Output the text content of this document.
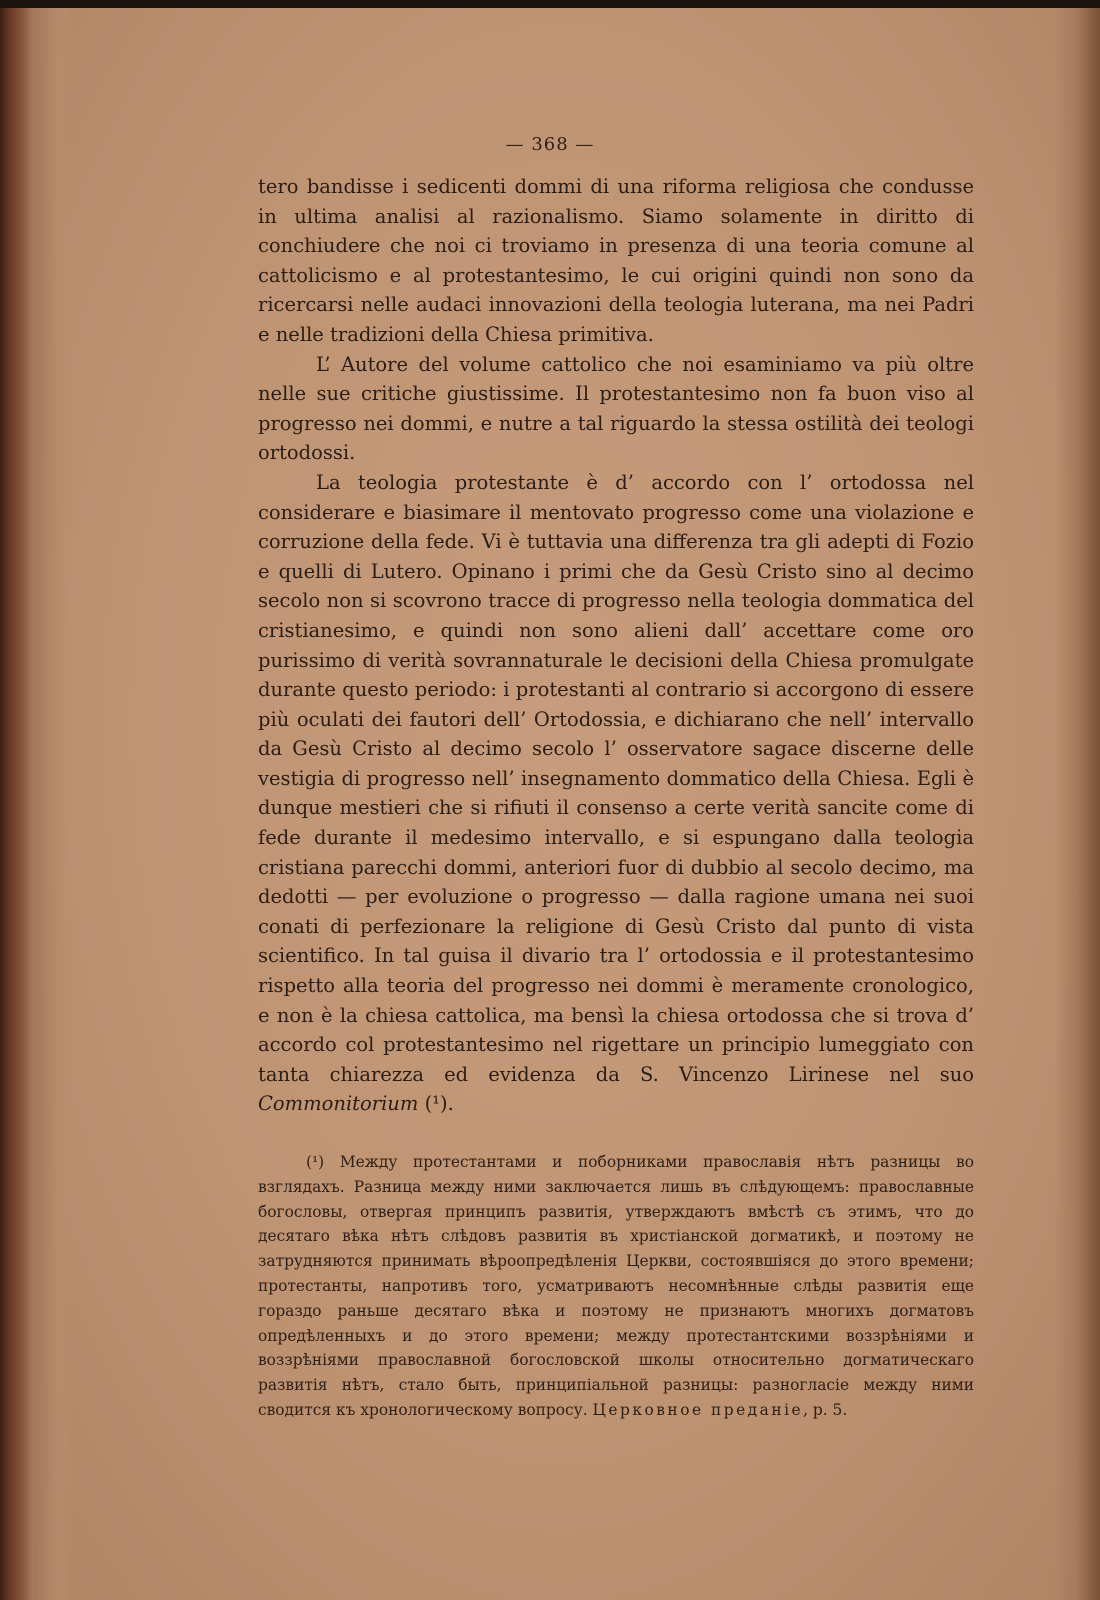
— 368 —

tero bandisse i sedicenti dommi di una riforma religiosa che condusse in ultima analisi al razionalismo. Siamo solamente in diritto di conchiudere che noi ci troviamo in presenza di una teoria comune al cattolicismo e al protestantesimo, le cui origini quindi non sono da ricercarsi nelle audaci innovazioni della teologia luterana, ma nei Padri e nelle tradizioni della Chiesa primitiva.

L’ Autore del volume cattolico che noi esaminiamo va più oltre nelle sue critiche giustissime. Il protestantesimo non fa buon viso al progresso nei dommi, e nutre a tal riguardo la stessa ostilità dei teologi ortodossi.

La teologia protestante è d’ accordo con l’ ortodossa nel considerare e biasimare il mentovato progresso come una violazione e corruzione della fede. Vi è tuttavia una differenza tra gli adepti di Fozio e quelli di Lutero. Opinano i primi che da Gesù Cristo sino al decimo secolo non si scovrono tracce di progresso nella teologia dommatica del cristianesimo, e quindi non sono alieni dall’ accettare come oro purissimo di verità sovrannaturale le decisioni della Chiesa promulgate durante questo periodo: i protestanti al contrario si accorgono di essere più oculati dei fautori dell’ Ortodossia, e dichiarano che nell’ intervallo da Gesù Cristo al decimo secolo l’ osservatore sagace discerne delle vestigia di progresso nell’ insegnamento dommatico della Chiesa. Egli è dunque mestieri che si rifiuti il consenso a certe verità sancite come di fede durante il medesimo intervallo, e si espungano dalla teologia cristiana parecchi dommi, anteriori fuor di dubbio al secolo decimo, ma dedotti — per evoluzione o progresso — dalla ragione umana nei suoi conati di perfezionare la religione di Gesù Cristo dal punto di vista scientifico. In tal guisa il divario tra l’ ortodossia e il protestantesimo rispetto alla teoria del progresso nei dommi è meramente cronologico, e non è la chiesa cattolica, ma bensì la chiesa ortodossa che si trova d’ accordo col protestantesimo nel rigettare un principio lumeggiato con tanta chiarezza ed evidenza da S. Vincenzo Lirinese nel suo Commonitorium (¹).

(¹) Между протестантами и поборниками православія нѣтъ разницы во взглядахъ. Разница между ними заключается лишь въ слѣдующемъ: православные богословы, отвергая принципъ развитія, утверждаютъ вмѣстѣ съ этимъ, что до десятаго вѣка нѣтъ слѣдовъ развитія въ христіанской догматикѣ, и поэтому не затрудняются принимать вѣроопредѣленія Церкви, состоявшіяся до этого времени; протестанты, напротивъ того, усматриваютъ несомнѣнные слѣды развитія еще гораздо раньше десятаго вѣка и поэтому не признаютъ многихъ догматовъ опредѣленныхъ и до этого времени; между протестантскими воззрѣніями и воззрѣніями православной богословской школы относительно догматическаго развитія нѣтъ, стало быть, принципіальной разницы: разногласіе между ними сводится къ хронологическому вопросу. Церковное преданіе, p. 5.
